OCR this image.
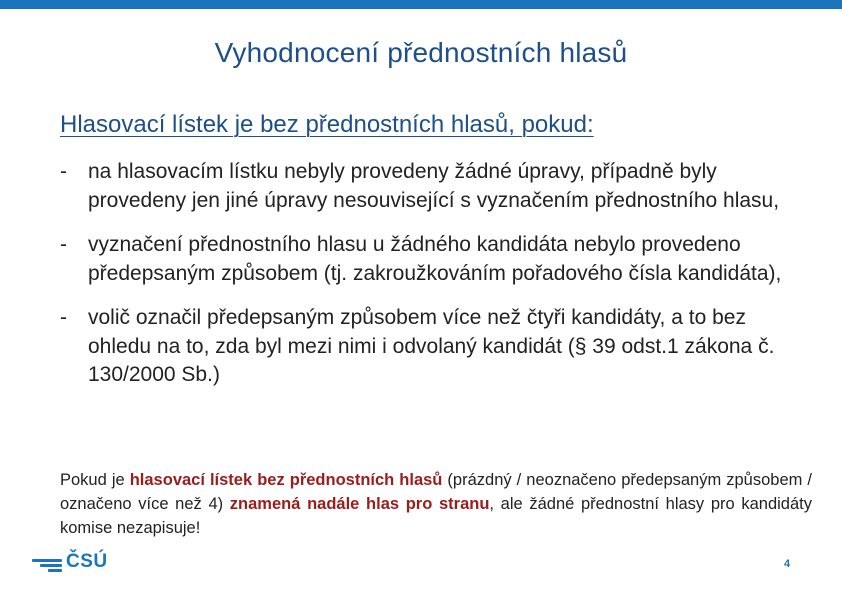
Vyhodnocení přednostních hlasů
Hlasovací lístek je bez přednostních hlasů, pokud:
- na hlasovacím lístku nebyly provedeny žádné úpravy, případně byly provedeny jen jiné úpravy nesouvisející s vyznačením přednostního hlasu,
- vyznačení přednostního hlasu u žádného kandidáta nebylo provedeno předepsaným způsobem (tj. zakroužkováním pořadového čísla kandidáta),
- volič označil předepsaným způsobem více než čtyři kandidáty, a to bez ohledu na to, zda byl mezi nimi i odvolaný kandidát (§ 39 odst.1 zákona č. 130/2000 Sb.)
Pokud je hlasovací lístek bez přednostních hlasů (prázdný / neoznačeno předepsaným způsobem / označeno více než 4) znamená nadále hlas pro stranu, ale žádné přednostní hlasy pro kandidáty komise nezapisuje!
ČSÚ	4
